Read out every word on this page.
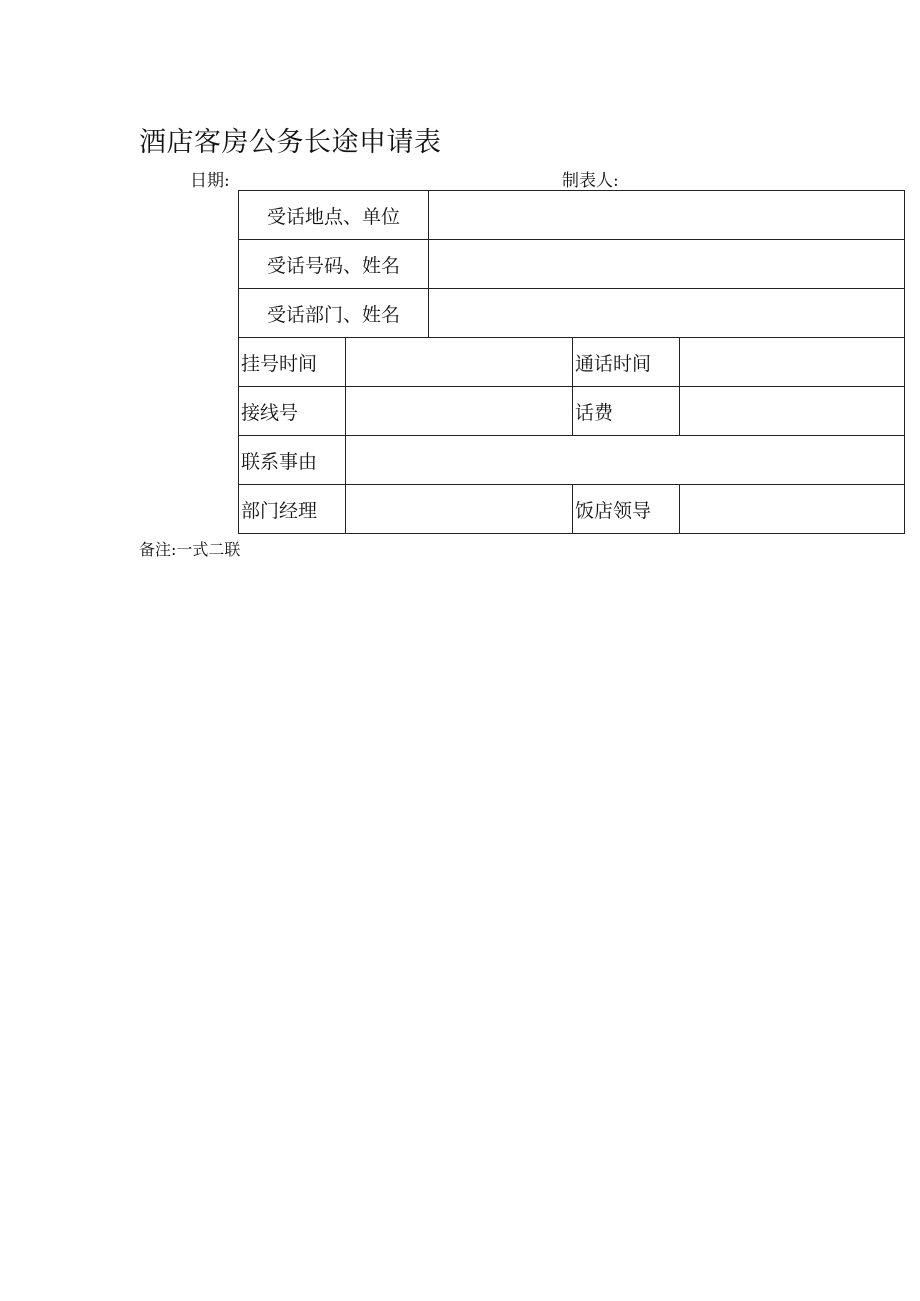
酒店客房公务长途申请表
日期:	制表人:
受话地点、单位
受话号码、姓名
受话部门、姓名
挂号时间	通话时间
接线号	话费
联系事由
部门经理	饭店领导
备注:一式二联
